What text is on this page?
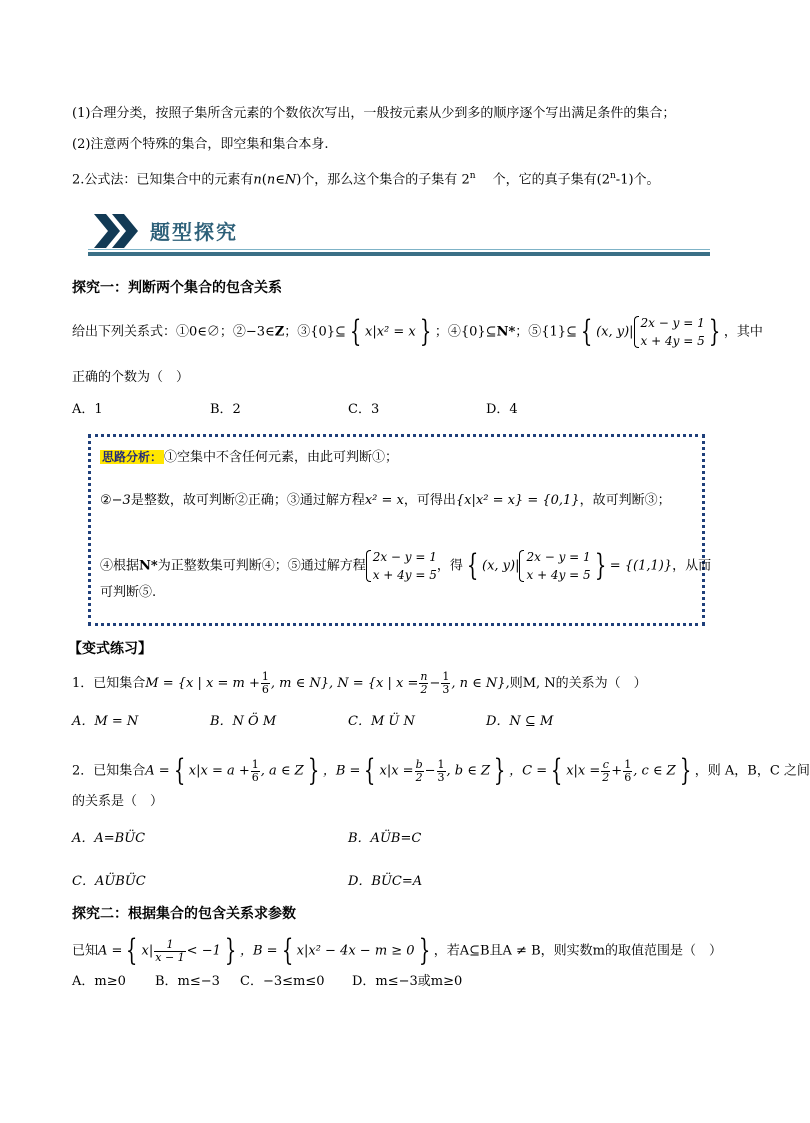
(1)合理分类，按照子集所含元素的个数依次写出，一般按元素从少到多的顺序逐个写出满足条件的集合；
(2)注意两个特殊的集合，即空集和集合本身.
2.公式法：已知集合中的元素有n(n∈N)个，那么这个集合的子集有 2$^n$　 个，它的真子集有(2$^n$-1)个。
题型探究
探究一：判断两个集合的包含关系
给出下列关系式：①0∈∅；②−3∈Z；③{0}⊆ { x|x² = x } ；④{0}⊆N*；⑤{1}⊆ { (x, y)|
2x − y = 1
x + 4y = 5 } ，其中
正确的个数为（　）
A．1	B．2	C．3	D．4
思路分析： ①空集中不含任何元素，由此可判断①；
②−3是整数，故可判断②正确；③通过解方程x² = x，可得出{x|x² = x} = {0,1}，故可判断③；
④根据N*为正整数集可判断④；⑤通过解方程
2x − y = 1
x + 4y = 5
，得 { (x, y)|
2x − y = 1
x + 4y = 5 } = {(1,1)}，从而
可判断⑤.
【变式练习】
1．已知集合M = {x | $x = m + \frac{1}{6}$ , m ∈ N}, N = {x | $x = \frac{n}{2} - \frac{1}{3}$ , n ∈ N},则M, N的关系为（　）
A．M = N	B．N Ö M	C．M Ü N	D．N ⊆ M
2．已知集合A = { $x|x = a + \frac{1}{6}$ , a ∈ Z } ，B = { $x|x = \frac{b}{2} - \frac{1}{3}$ , b ∈ Z } ，C = { $x|x = \frac{c}{2} + \frac{1}{6}$ , c ∈ Z } ，则 A，B，C 之间
的关系是（　）
A．A=BÜC	B．AÜB=C
C．AÜBÜC	D．BÜC=A
探究二：根据集合的包含关系求参数
已知A = { $x| \frac{1}{x - 1} < -1$ } ，B = { x|x² − 4x − m ≥ 0 } ，若A⊆B且A ≠ B，则实数m的取值范围是（　）
A．m≥0 B．m≤−3 C．−3≤m≤0 D．m≤−3或m≥0
